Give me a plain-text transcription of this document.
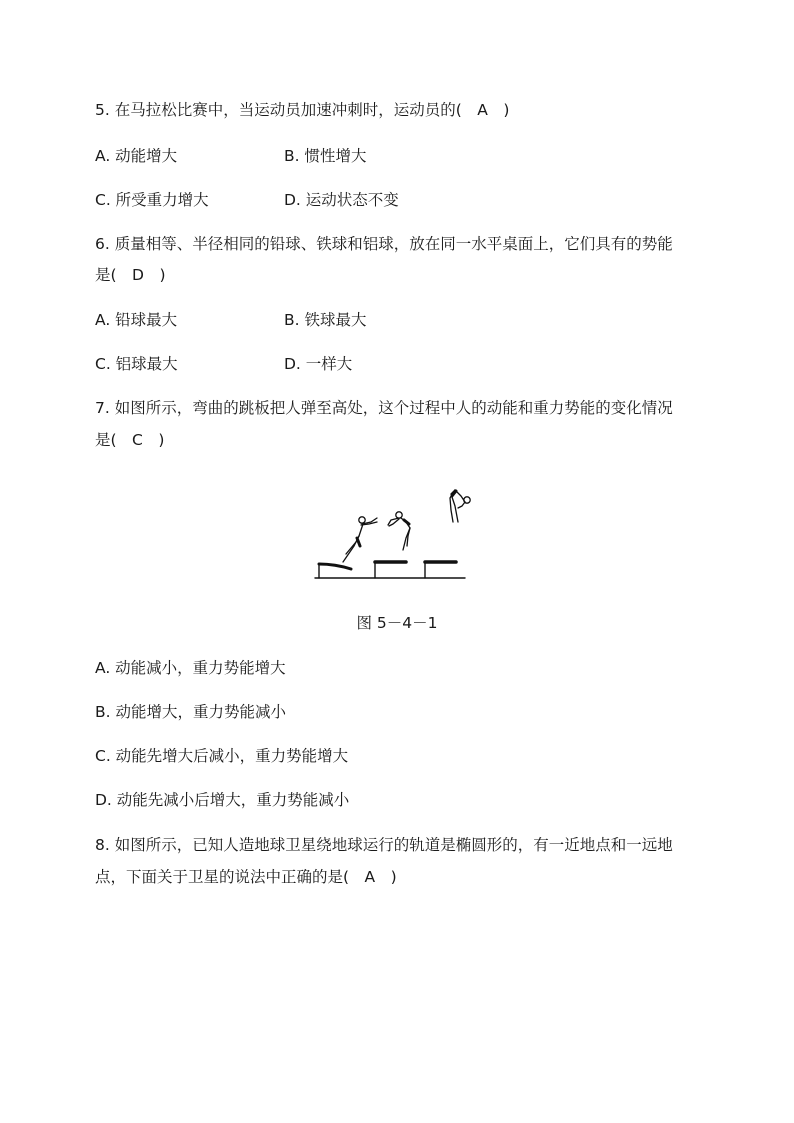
5. 在马拉松比赛中，当运动员加速冲刺时，运动员的(　A　)
A. 动能增大	B. 惯性增大
C. 所受重力增大	D. 运动状态不变
6. 质量相等、半径相同的铅球、铁球和铝球，放在同一水平桌面上，它们具有的势能
是(　D　)
A. 铅球最大	B. 铁球最大
C. 铝球最大	D. 一样大
7. 如图所示，弯曲的跳板把人弹至高处，这个过程中人的动能和重力势能的变化情况
是(　C　)
图 5－4－1
A. 动能减小，重力势能增大
B. 动能增大，重力势能减小
C. 动能先增大后减小，重力势能增大
D. 动能先减小后增大，重力势能减小
8. 如图所示，已知人造地球卫星绕地球运行的轨道是椭圆形的，有一近地点和一远地
点，下面关于卫星的说法中正确的是(　A　)
